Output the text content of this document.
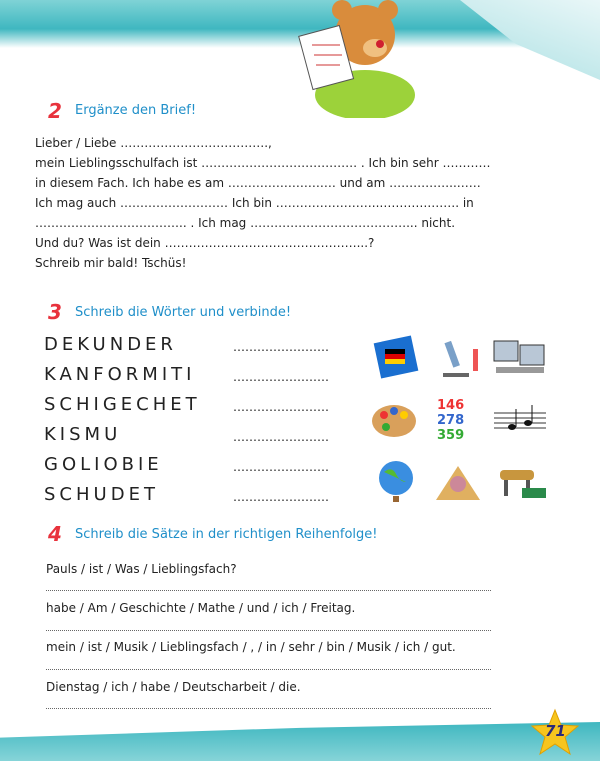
2 Ergänze den Brief!
Lieber / Liebe ……………………………….,
mein Lieblingsschulfach ist ………………………………… . Ich bin sehr …………
in diesem Fach. Ich habe es am ……………………… und am ……………..……
Ich mag auch ……………………… Ich bin ……………………..………….……. in
……………………………….. . Ich mag …………………………………... nicht.
Und du? Was ist dein …………………………………………...?
Schreib mir bald! Tschüs!
3 Schreib die Wörter und verbinde!
DEKUNDER
KANFORMITI
SCHIGECHET
KISMU
GOLIOBIE
SCHUDET
……………………
……………………
……………………
……………………
……………………
……………………
146
278
359
4 Schreib die Sätze in der richtigen Reihenfolge!
Pauls / ist / Was / Lieblingsfach?
habe / Am / Geschichte / Mathe / und / ich / Freitag.
mein / ist / Musik / Lieblingsfach / , / in / sehr / bin / Musik / ich / gut.
Dienstag / ich / habe / Deutscharbeit / die.
71
